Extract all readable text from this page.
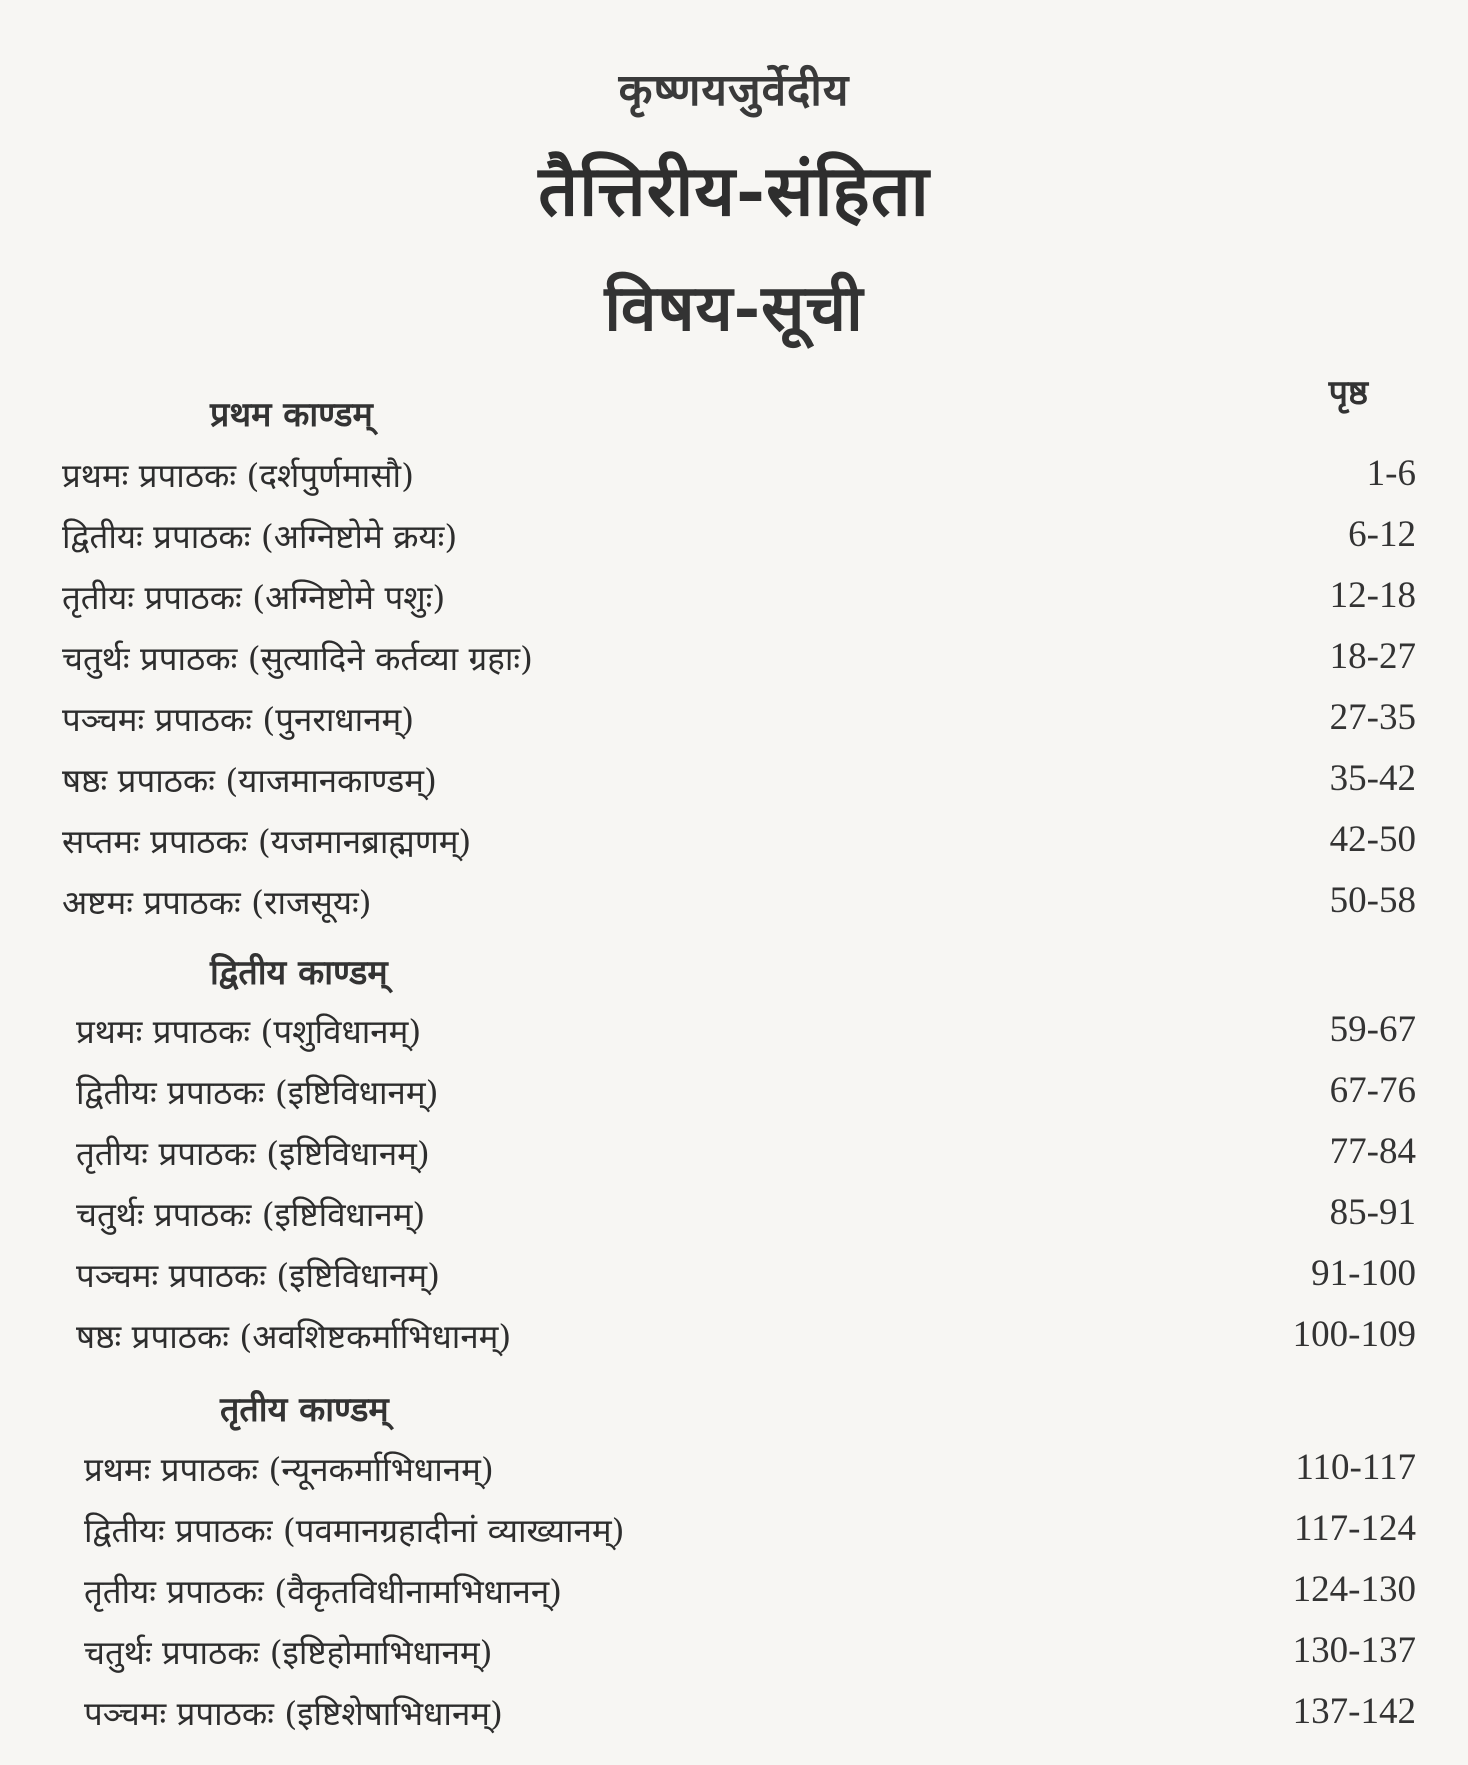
कृष्णयजुर्वेदीय
तैत्तिरीय-संहिता
विषय-सूची
पृष्ठ
प्रथम काण्डम्
प्रथमः प्रपाठकः (दर्शपुर्णमासौ)	1-6
द्वितीयः प्रपाठकः (अग्निष्टोमे क्रयः)	6-12
तृतीयः प्रपाठकः (अग्निष्टोमे पशुः)	12-18
चतुर्थः प्रपाठकः (सुत्यादिने कर्तव्या ग्रहाः)	18-27
पञ्चमः प्रपाठकः (पुनराधानम्)	27-35
षष्ठः प्रपाठकः (याजमानकाण्डम्)	35-42
सप्तमः प्रपाठकः (यजमानब्राह्मणम्)	42-50
अष्टमः प्रपाठकः (राजसूयः)	50-58
द्वितीय काण्डम्
प्रथमः प्रपाठकः (पशुविधानम्)	59-67
द्वितीयः प्रपाठकः (इष्टिविधानम्)	67-76
तृतीयः प्रपाठकः (इष्टिविधानम्)	77-84
चतुर्थः प्रपाठकः (इष्टिविधानम्)	85-91
पञ्चमः प्रपाठकः (इष्टिविधानम्)	91-100
षष्ठः प्रपाठकः (अवशिष्टकर्माभिधानम्)	100-109
तृतीय काण्डम्
प्रथमः प्रपाठकः (न्यूनकर्माभिधानम्)	110-117
द्वितीयः प्रपाठकः (पवमानग्रहादीनां व्याख्यानम्)	117-124
तृतीयः प्रपाठकः (वैकृतविधीनामभिधानन्)	124-130
चतुर्थः प्रपाठकः (इष्टिहोमाभिधानम्)	130-137
पञ्चमः प्रपाठकः (इष्टिशेषाभिधानम्)	137-142
